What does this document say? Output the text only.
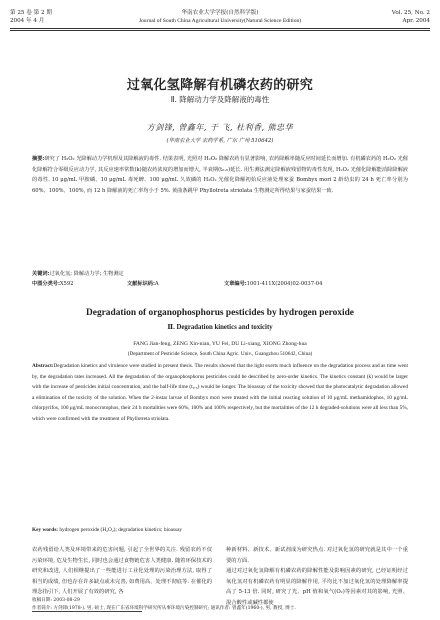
第 25 卷 第 2 期	华南农业大学学报(自然科学版)	Vol. 25, No. 2
2004 年 4 月	Journal of South China Agricultural University(Natural Science Edition)	Apr. 2004
过氧化氢降解有机磷农药的研究
Ⅱ. 降解动力学及降解液的毒性
方剑锋, 曾鑫年, 于 飞, 杜利香, 熊忠华
(华南农业大学 农药学系, 广东 广州 510642)
摘要:研究了 H₂O₂ 光降解动力学机理及其降解液的毒性. 结果表明, 光照对 H₂O₂ 降解农药有显著影响, 农药降解率随反应时间延长而增加. 有机磷农药的 H₂O₂ 光催化降解符合零级反应动力学, 其反应速率常数(k)随农药浓度的增加而增大, 半衰期(t₀.₅)延长. 用生测法测定降解液残留物的毒性发现, H₂O₂ 光催化降解能消除降解液的毒性. 10 μg/mL 甲胺磷、10 μg/mL 毒死蜱、100 μg/mL 久效磷的 H₂O₂ 光催化降解初始反应液处理家蚕 Bombyx mori 2 龄幼虫的 24 h 死亡率分别为 60%、100%、100%, 而 12 h 降解液的死亡率均小于 5%. 黄曲条跳甲 Phyllotreta striolata 生物测定所得结果与家蚕结果一致.
关键词:过氧化氢; 降解动力学; 生物测定
中图分类号:X592	文献标识码:A	文章编号:1001-411X(2004)02-0037-04
Degradation of organophosphorus pesticides by hydrogen peroxide
Ⅱ. Degradation kinetics and toxicity
FANG Jian-feng, ZENG Xin-nian, YU Fei, DU Li-xiang, XIONG Zhong-hua
(Department of Pesticide Science, South China Agric. Univ., Guangzhou 510642, China)
Abstract:Degradation kinetics and virulence were studied in present thesis. The results showed that the light exerts much influence on the degradation process and as time went by, the degradation rates increased. All the degradation of the organophosphorus pesticides could be described by zero-order kinetics. The kinetics constant (k) would be larger with the increase of pesticides initial concentration, and the half-life time (t₀.₅) would be longer. The bioassay of the toxicity showed that the photocatalytic degradation allowed a elimination of the toxicity of the solution. When the 2-instar larvae of Bombyx mori were treated with the initial reacting solution of 10 μg/mL methamidophos, 10 μg/mL chlorpyrifos, 100 μg/mL monocrotophos, their 24 h mortalities were 60%, 100% and 100% respectively, but the mortalities of the 12 h degraded-solutions were all less than 5%, which were confirmed with the treatment of Phyllotreta striolata.
Key words: hydrogen peroxide (H₂O₂); degradation kinetics; bioassay
农药残留给人类及环境带来的危害问题, 引起了全世界的关注. 残留农药不仅污染环境, 危及生物生长, 同时也会通过食物链危害人类健康. 随着环保技术的研究和改进, 人们相继提出了一些能进行工业化处理的污染治理方法, 取得了相当的成绩, 但也存在许多缺点或未完善, 如费用高、处理不彻底等. 在催化的理念指引下, 人们开展了有效的研究, 各
种新材料、新技术、新试剂成为研究热点. 对过氧化氢的研究就是其中一个重要的方面.
通过对过氧化氢降解有机磷农药的降解性能及影响因素的研究, 已经证明经过氧化氢对有机磷农药有明显的降解作用, 平均比不加过氧化氢的处理降解率提高了 5-13 倍. 同时, 研究了光、pH 值和氧气(O₂)等因素对其的影响, 光照、混合酸性或碱性都使
收稿日期: 2003-08-29
作者简介: 方剑锋(1978-), 男, 硕士, 现在广东省环境科学研究所从事环境污染控制研究; 通讯作者: 曾鑫年(1960-), 男, 教授, 博士.
